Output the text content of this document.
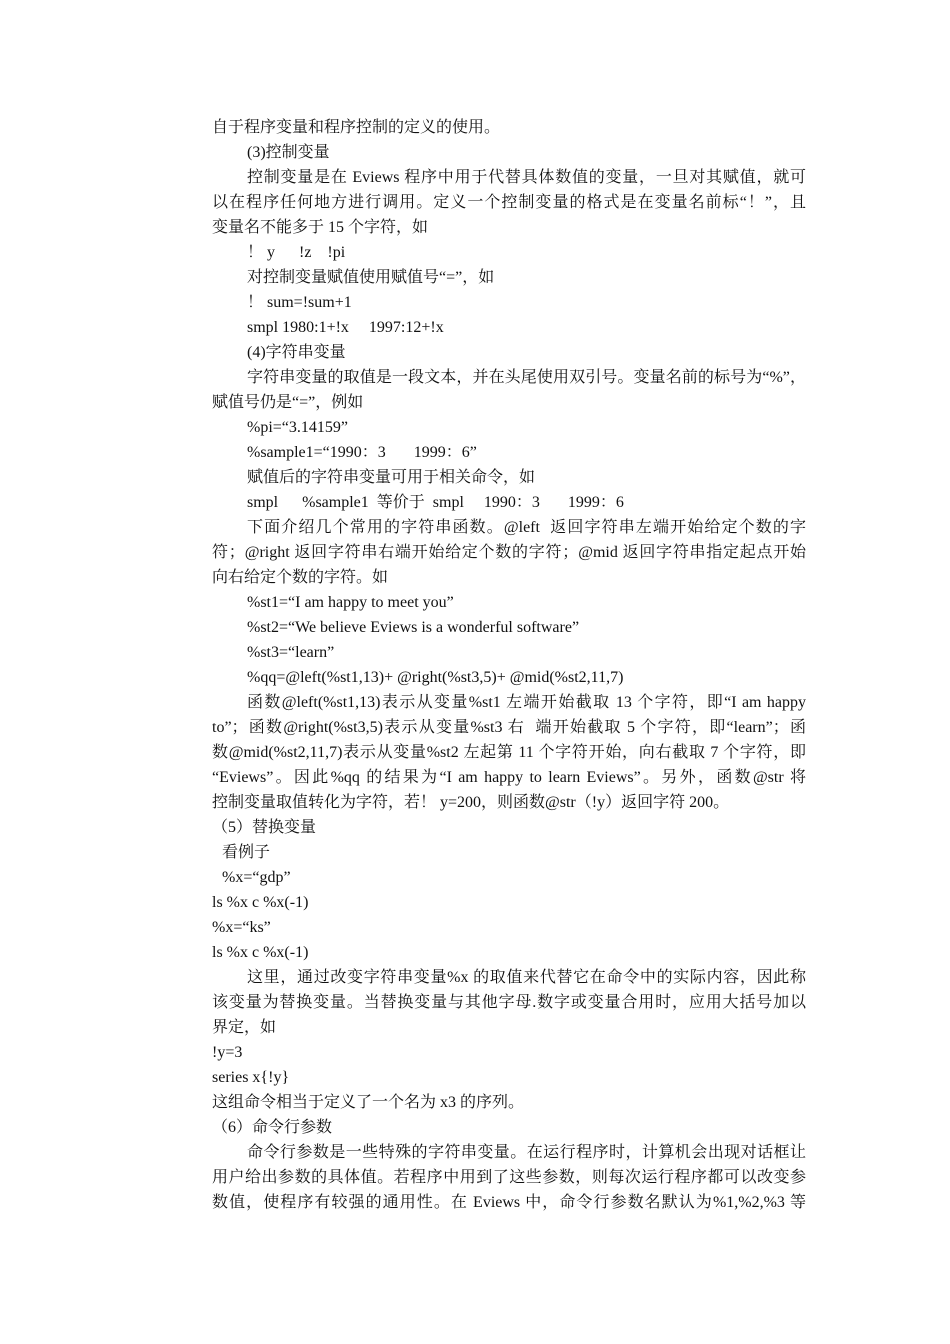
自于程序变量和程序控制的定义的使用。
(3)控制变量
控制变量是在 Eviews 程序中用于代替具体数值的变量，一旦对其赋值，就可
以在程序任何地方进行调用。定义一个控制变量的格式是在变量名前标“！”，且
变量名不能多于 15 个字符，如
！ y      !z    !pi
对控制变量赋值使用赋值号“=”，如
！ sum=!sum+1
smpl 1980:1+!x     1997:12+!x
(4)字符串变量
字符串变量的取值是一段文本，并在头尾使用双引号。变量名前的标号为“%”，
赋值号仍是“=”，例如
%pi=“3.14159”
%sample1=“1990：3       1999：6”
赋值后的字符串变量可用于相关命令，如
smpl      %sample1  等价于  smpl     1990：3       1999：6
下面介绍几个常用的字符串函数。@left  返回字符串左端开始给定个数的字
符；@right 返回字符串右端开始给定个数的字符；@mid 返回字符串指定起点开始
向右给定个数的字符。如
%st1=“I am happy to meet you”
%st2=“We believe Eviews is a wonderful software”
%st3=“learn”
%qq=@left(%st1,13)+ @right(%st3,5)+ @mid(%st2,11,7)
函数@left(%st1,13)表示从变量%st1 左端开始截取 13 个字符，即“I am happy
to”；函数@right(%st3,5)表示从变量%st3 右  端开始截取 5 个字符，即“learn”；函
数@mid(%st2,11,7)表示从变量%st2 左起第 11 个字符开始，向右截取 7 个字符，即
“Eviews”。因此%qq 的结果为“I am happy to learn Eviews”。另外，函数@str 将
控制变量取值转化为字符，若！ y=200，则函数@str（!y）返回字符 200。
（5）替换变量
看例子
%x=“gdp”
ls %x c %x(-1)
%x=“ks”
ls %x c %x(-1)
这里，通过改变字符串变量%x 的取值来代替它在命令中的实际内容，因此称
该变量为替换变量。当替换变量与其他字母.数字或变量合用时，应用大括号加以
界定，如
!y=3
series x{!y}
这组命令相当于定义了一个名为 x3 的序列。
（6）命令行参数
命令行参数是一些特殊的字符串变量。在运行程序时，计算机会出现对话框让
用户给出参数的具体值。若程序中用到了这些参数，则每次运行程序都可以改变参
数值，使程序有较强的通用性。在 Eviews 中，命令行参数名默认为%1,%2,%3 等
